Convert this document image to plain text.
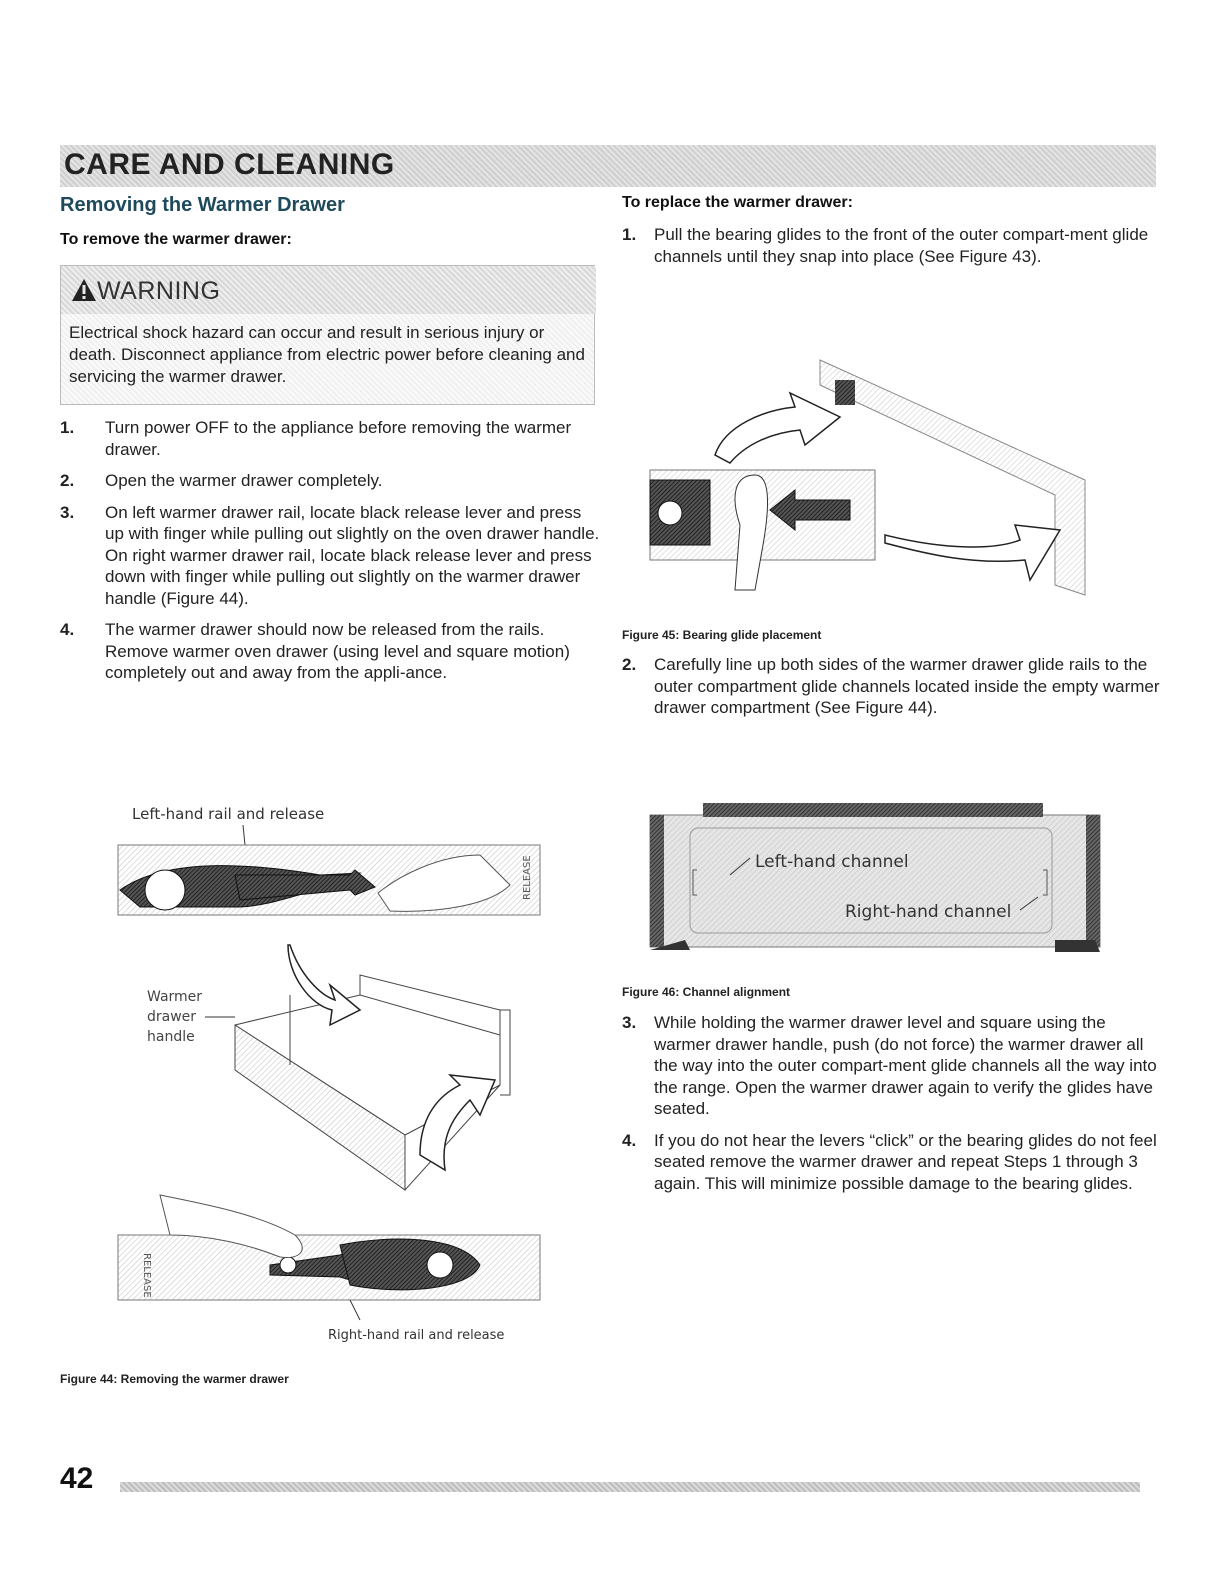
CARE AND CLEANING
Removing the Warmer Drawer
To remove the warmer drawer:
WARNING
Electrical shock hazard can occur and result in serious injury or death. Disconnect appliance from electric power before cleaning and servicing the warmer drawer.
1. Turn power OFF to the appliance before removing the warmer drawer.
2. Open the warmer drawer completely.
3. On left warmer drawer rail, locate black release lever and press up with finger while pulling out slightly on the oven drawer handle. On right warmer drawer rail, locate black release lever and press down with finger while pulling out slightly on the warmer drawer handle (Figure 44).
4. The warmer drawer should now be released from the rails. Remove warmer oven drawer (using level and square motion) completely out and away from the appli-ance.
Left-hand rail and release
RELEASE
Warmer
drawer
handle
RELEASE
Right-hand rail and release
Figure 44: Removing the warmer drawer
To replace the warmer drawer:
1. Pull the bearing glides to the front of the outer compart-ment glide channels until they snap into place (See Figure 43).
Figure 45: Bearing glide placement
2. Carefully line up both sides of the warmer drawer glide rails to the outer compartment glide channels located inside the empty warmer drawer compartment (See Figure 44).
Left-hand channel
Right-hand channel
Figure 46: Channel alignment
3. While holding the warmer drawer level and square using the warmer drawer handle, push (do not force) the warmer drawer all the way into the outer compart-ment glide channels all the way into the range. Open the warmer drawer again to verify the glides have seated.
4. If you do not hear the levers “click” or the bearing glides do not feel seated remove the warmer drawer and repeat Steps 1 through 3 again. This will minimize possible damage to the bearing glides.
42
